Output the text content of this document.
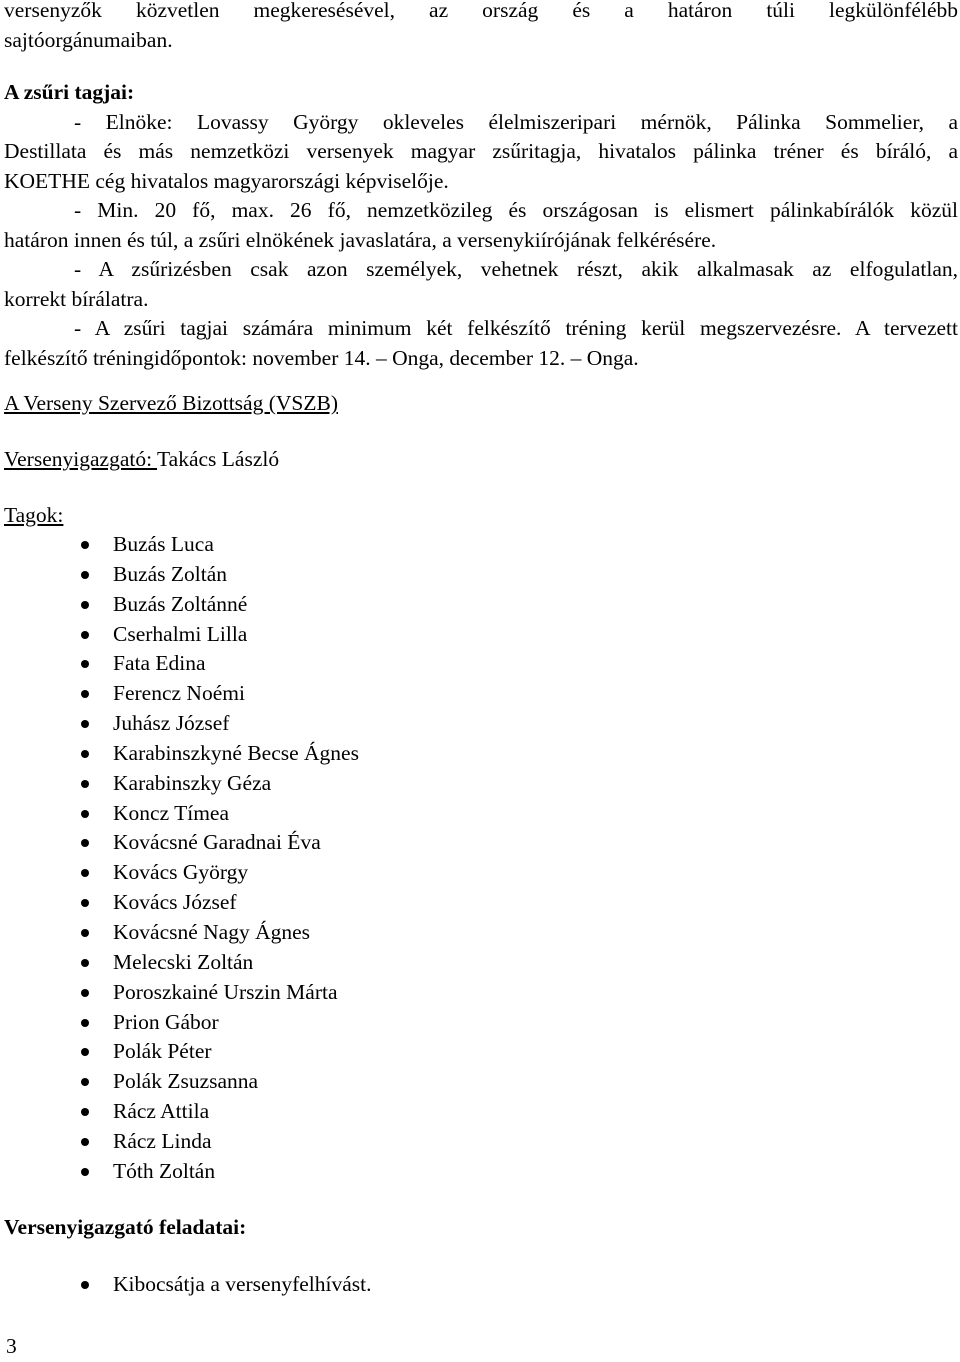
versenyzők közvetlen megkeresésével, az ország és a határon túli legkülönfélébb

sajtóorgánumaiban.

A zsűri tagjai:

- Elnöke: Lovassy György okleveles élelmiszeripari mérnök, Pálinka Sommelier, a

Destillata és más nemzetközi versenyek magyar zsűritagja, hivatalos pálinka tréner és bíráló, a

KOETHE cég hivatalos magyarországi képviselője.

- Min. 20 fő, max. 26 fő, nemzetközileg és országosan is elismert pálinkabírálók közül

határon innen és túl, a zsűri elnökének javaslatára, a versenykiírójának felkérésére.

- A zsűrizésben csak azon személyek, vehetnek részt, akik alkalmasak az elfogulatlan,

korrekt bírálatra.

- A zsűri tagjai számára minimum két felkészítő tréning kerül megszervezésre. A tervezett

felkészítő tréningidőpontok: november 14. – Onga, december 12. – Onga.

A Verseny Szervező Bizottság (VSZB)

Versenyigazgató: Takács László

Tagok:

Buzás Luca
Buzás Zoltán
Buzás Zoltánné
Cserhalmi Lilla
Fata Edina
Ferencz Noémi
Juhász József
Karabinszkyné Becse Ágnes
Karabinszky Géza
Koncz Tímea
Kovácsné Garadnai Éva
Kovács György
Kovács József
Kovácsné Nagy Ágnes
Melecski Zoltán
Poroszkainé Urszin Márta
Prion Gábor
Polák Péter
Polák Zsuzsanna
Rácz Attila
Rácz Linda
Tóth Zoltán

Versenyigazgató feladatai:

Kibocsátja a versenyfelhívást.

3
